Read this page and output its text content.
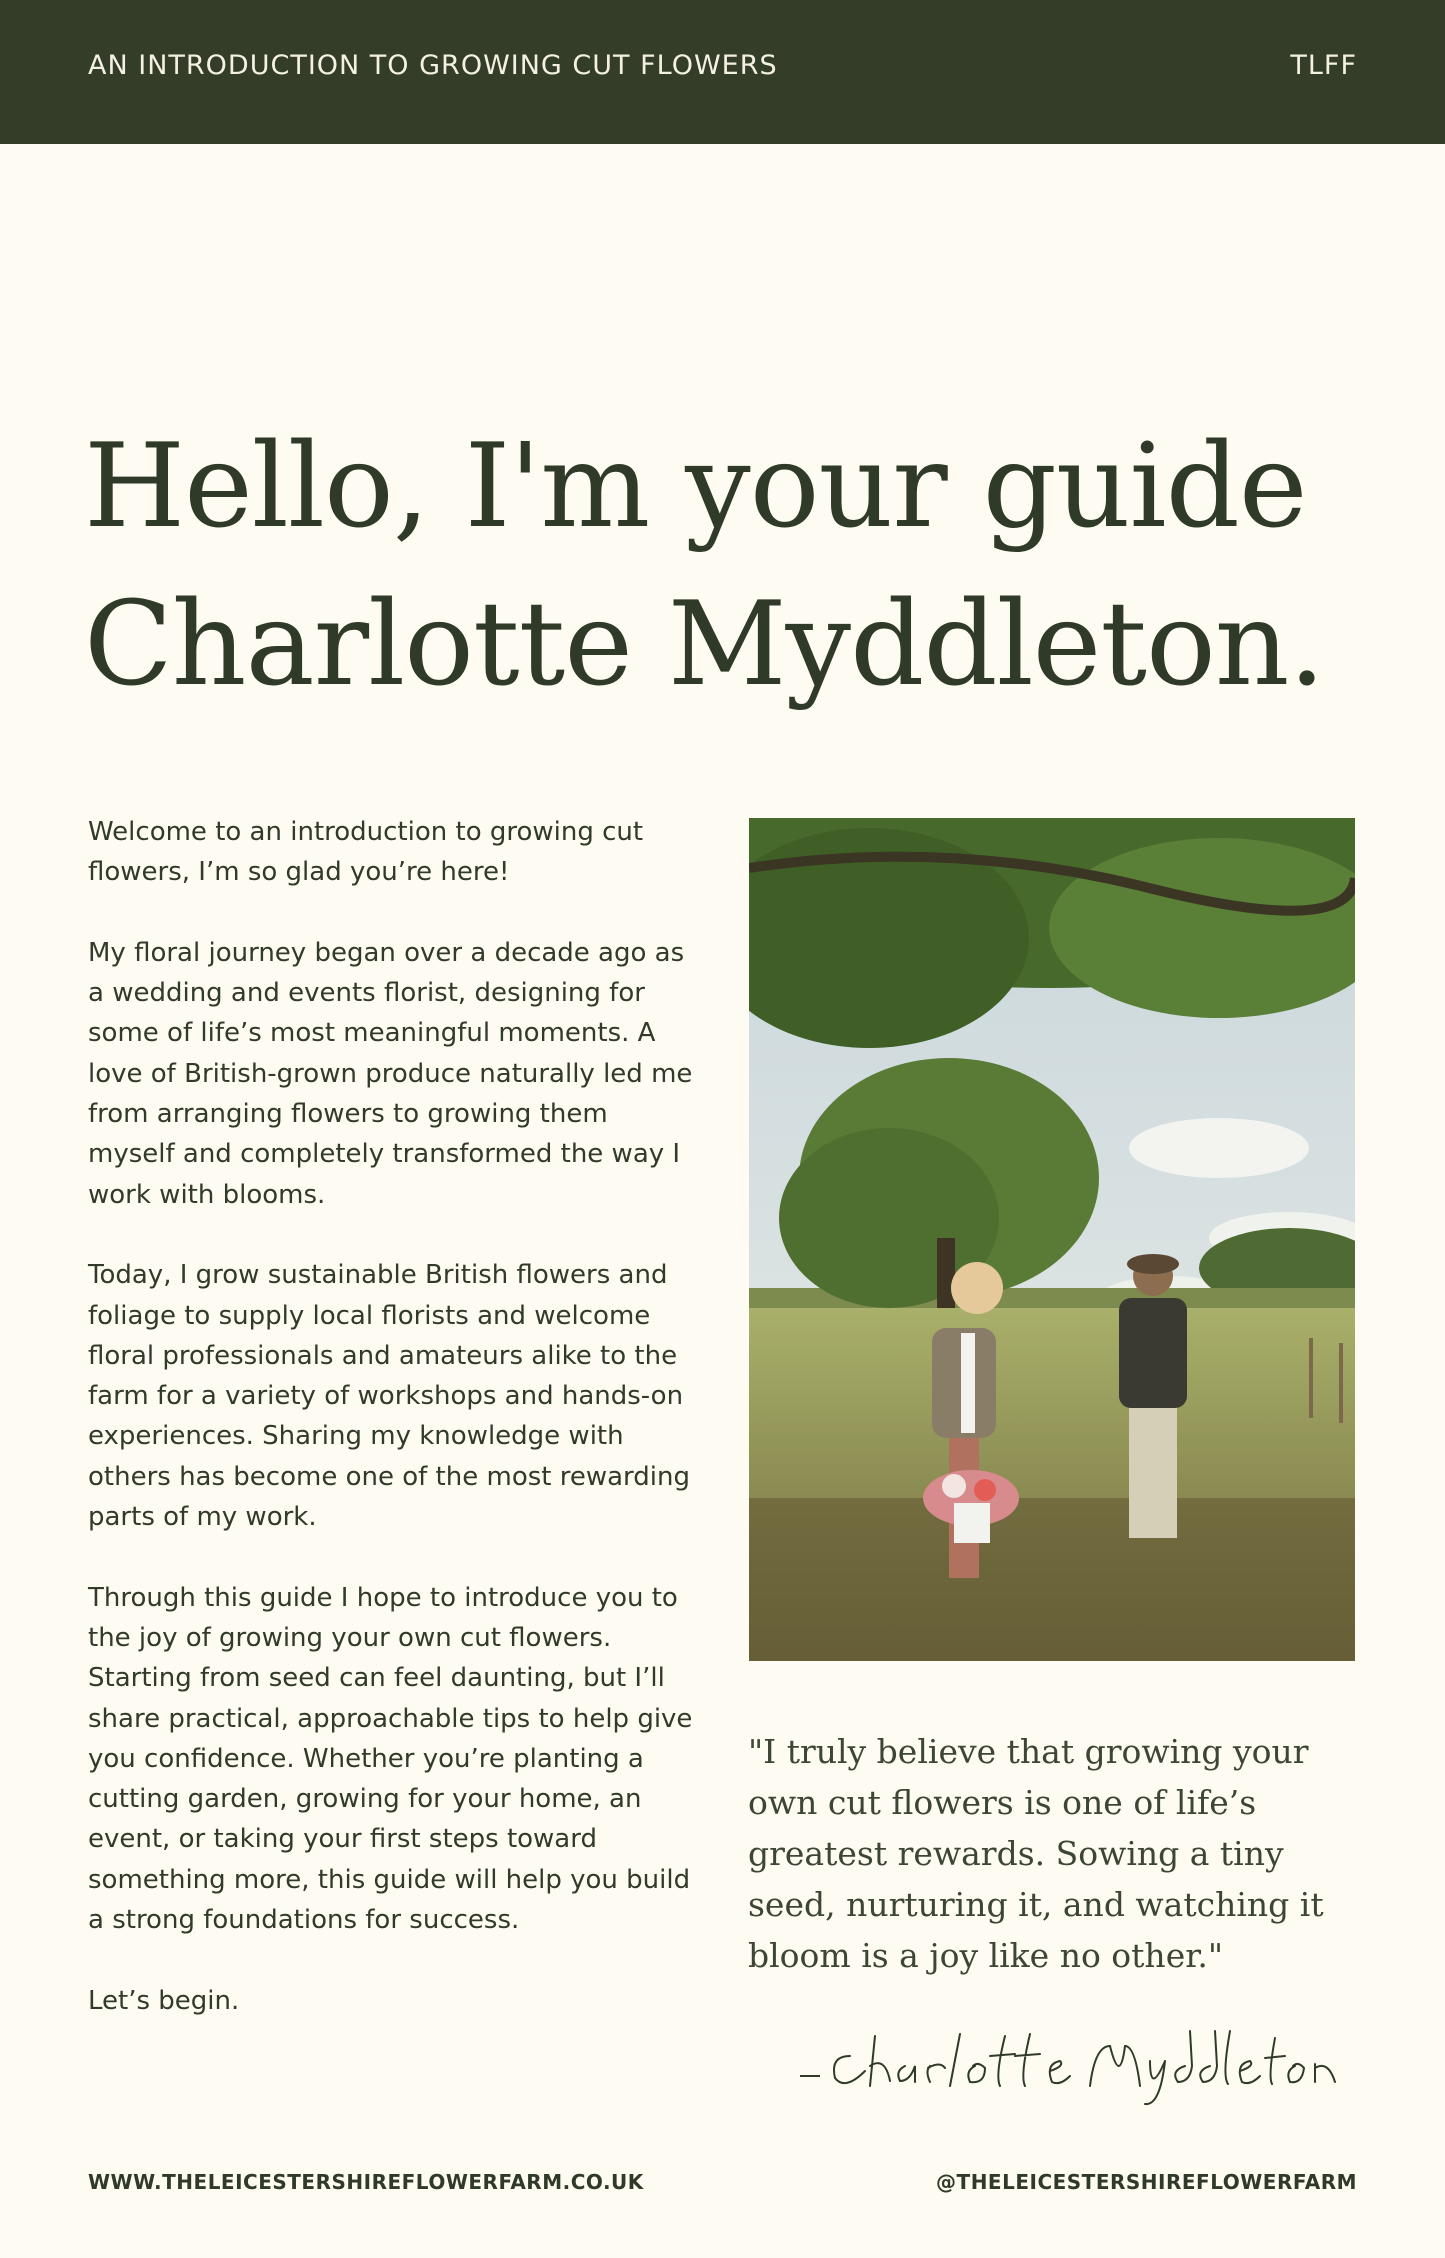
AN INTRODUCTION TO GROWING CUT FLOWERS	TLFF
Hello, I'm your guide
Charlotte Myddleton.

Welcome to an introduction to growing cut flowers, I’m so glad you’re here!

My floral journey began over a decade ago as a wedding and events florist, designing for some of life’s most meaningful moments. A love of British-grown produce naturally led me from arranging flowers to growing them myself and completely transformed the way I work with blooms.

Today, I grow sustainable British flowers and foliage to supply local florists and welcome floral professionals and amateurs alike to the farm for a variety of workshops and hands-on experiences. Sharing my knowledge with others has become one of the most rewarding parts of my work.

Through this guide I hope to introduce you to the joy of growing your own cut flowers. Starting from seed can feel daunting, but I’ll share practical, approachable tips to help give you confidence. Whether you’re planting a cutting garden, growing for your home, an event, or taking your first steps toward something more, this guide will help you build a strong foundations for success.

Let’s begin.

"I truly believe that growing your own cut flowers is one of life’s greatest rewards. Sowing a tiny seed, nurturing it, and watching it bloom is a joy like no other."
WWW.THELEICESTERSHIREFLOWERFARM.CO.UK	@THELEICESTERSHIREFLOWERFARM
